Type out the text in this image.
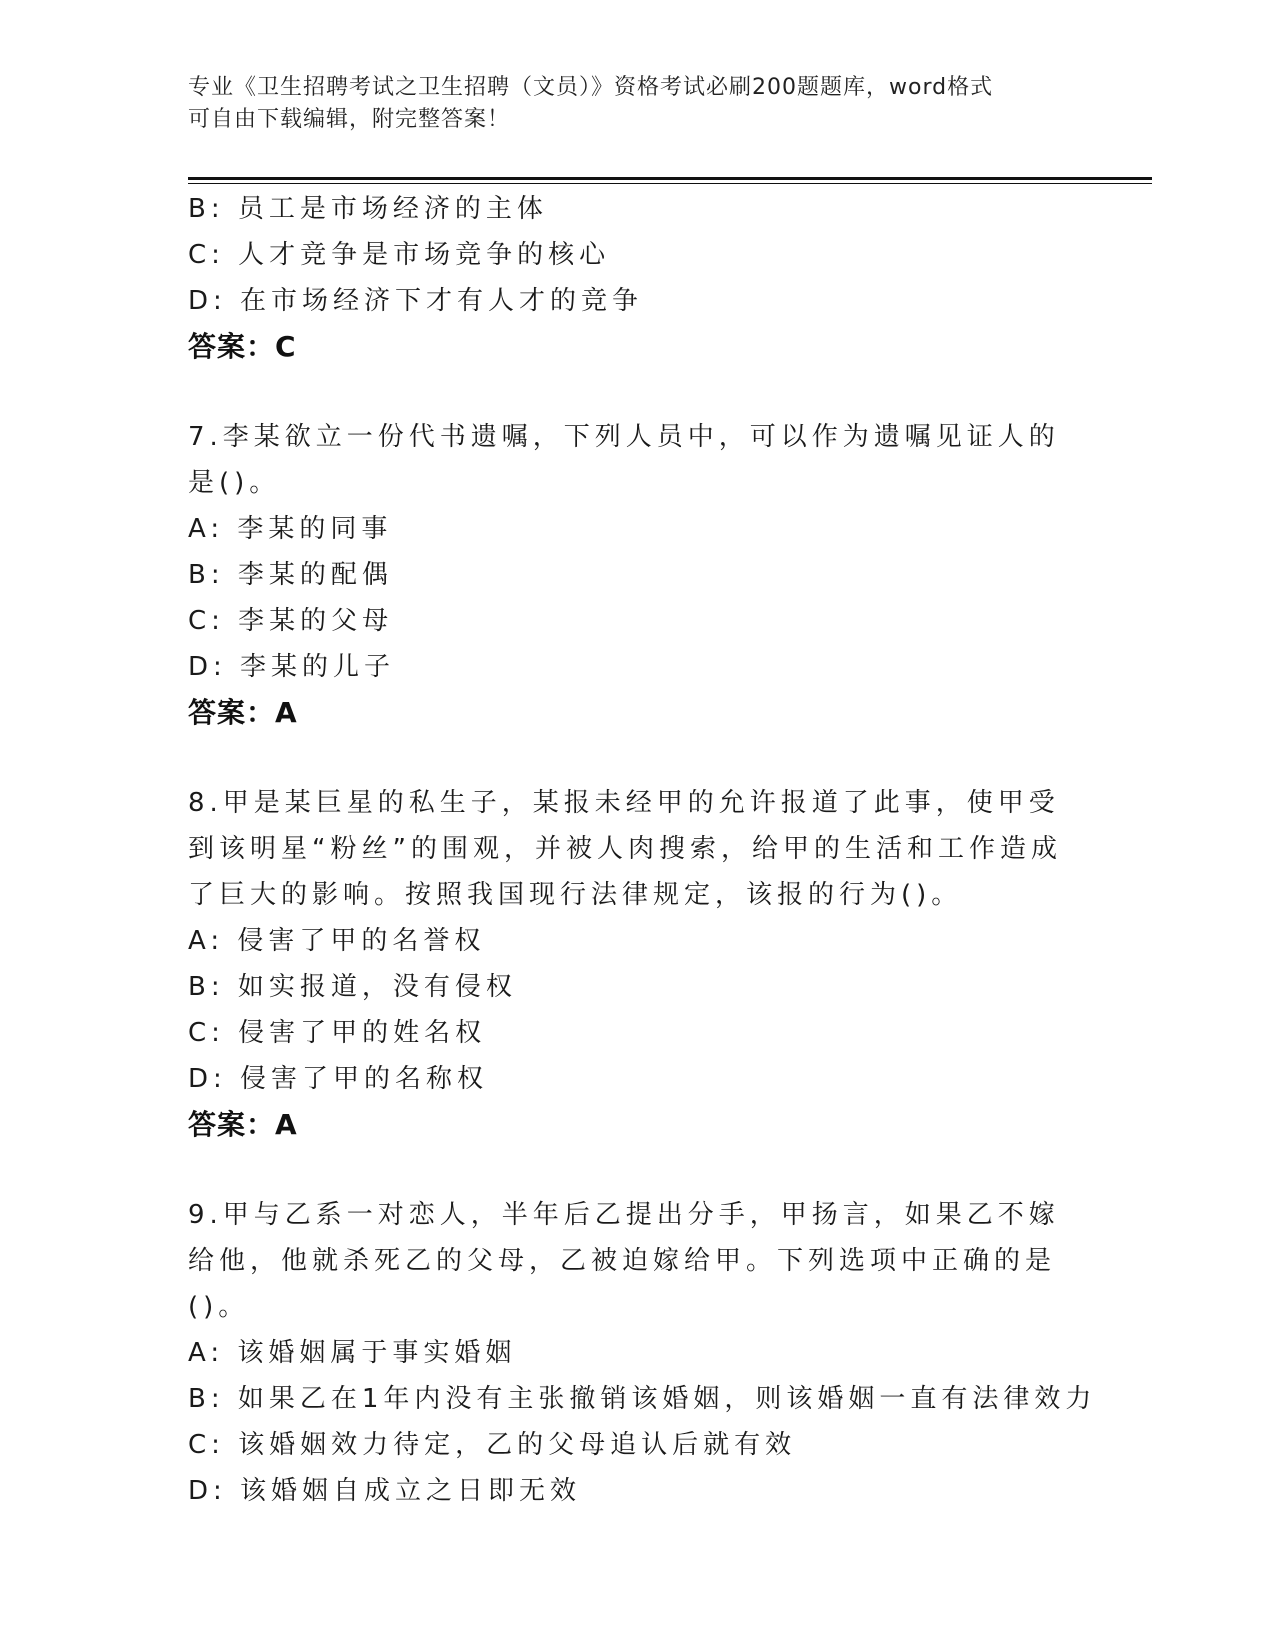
专业《卫生招聘考试之卫生招聘（文员）》资格考试必刷200题题库，word格式
可自由下载编辑，附完整答案！
B: 员工是市场经济的主体
C: 人才竞争是市场竞争的核心
D: 在市场经济下才有人才的竞争
答案：C
7.李某欲立一份代书遗嘱，下列人员中，可以作为遗嘱见证人的是()。
A: 李某的同事
B: 李某的配偶
C: 李某的父母
D: 李某的儿子
答案：A
8.甲是某巨星的私生子，某报未经甲的允许报道了此事，使甲受到该明星“粉丝”的围观，并被人肉搜索，给甲的生活和工作造成了巨大的影响。按照我国现行法律规定，该报的行为()。
A: 侵害了甲的名誉权
B: 如实报道，没有侵权
C: 侵害了甲的姓名权
D: 侵害了甲的名称权
答案：A
9.甲与乙系一对恋人，半年后乙提出分手，甲扬言，如果乙不嫁给他，他就杀死乙的父母，乙被迫嫁给甲。下列选项中正确的是()。
A: 该婚姻属于事实婚姻
B: 如果乙在1年内没有主张撤销该婚姻，则该婚姻一直有法律效力
C: 该婚姻效力待定，乙的父母追认后就有效
D: 该婚姻自成立之日即无效
